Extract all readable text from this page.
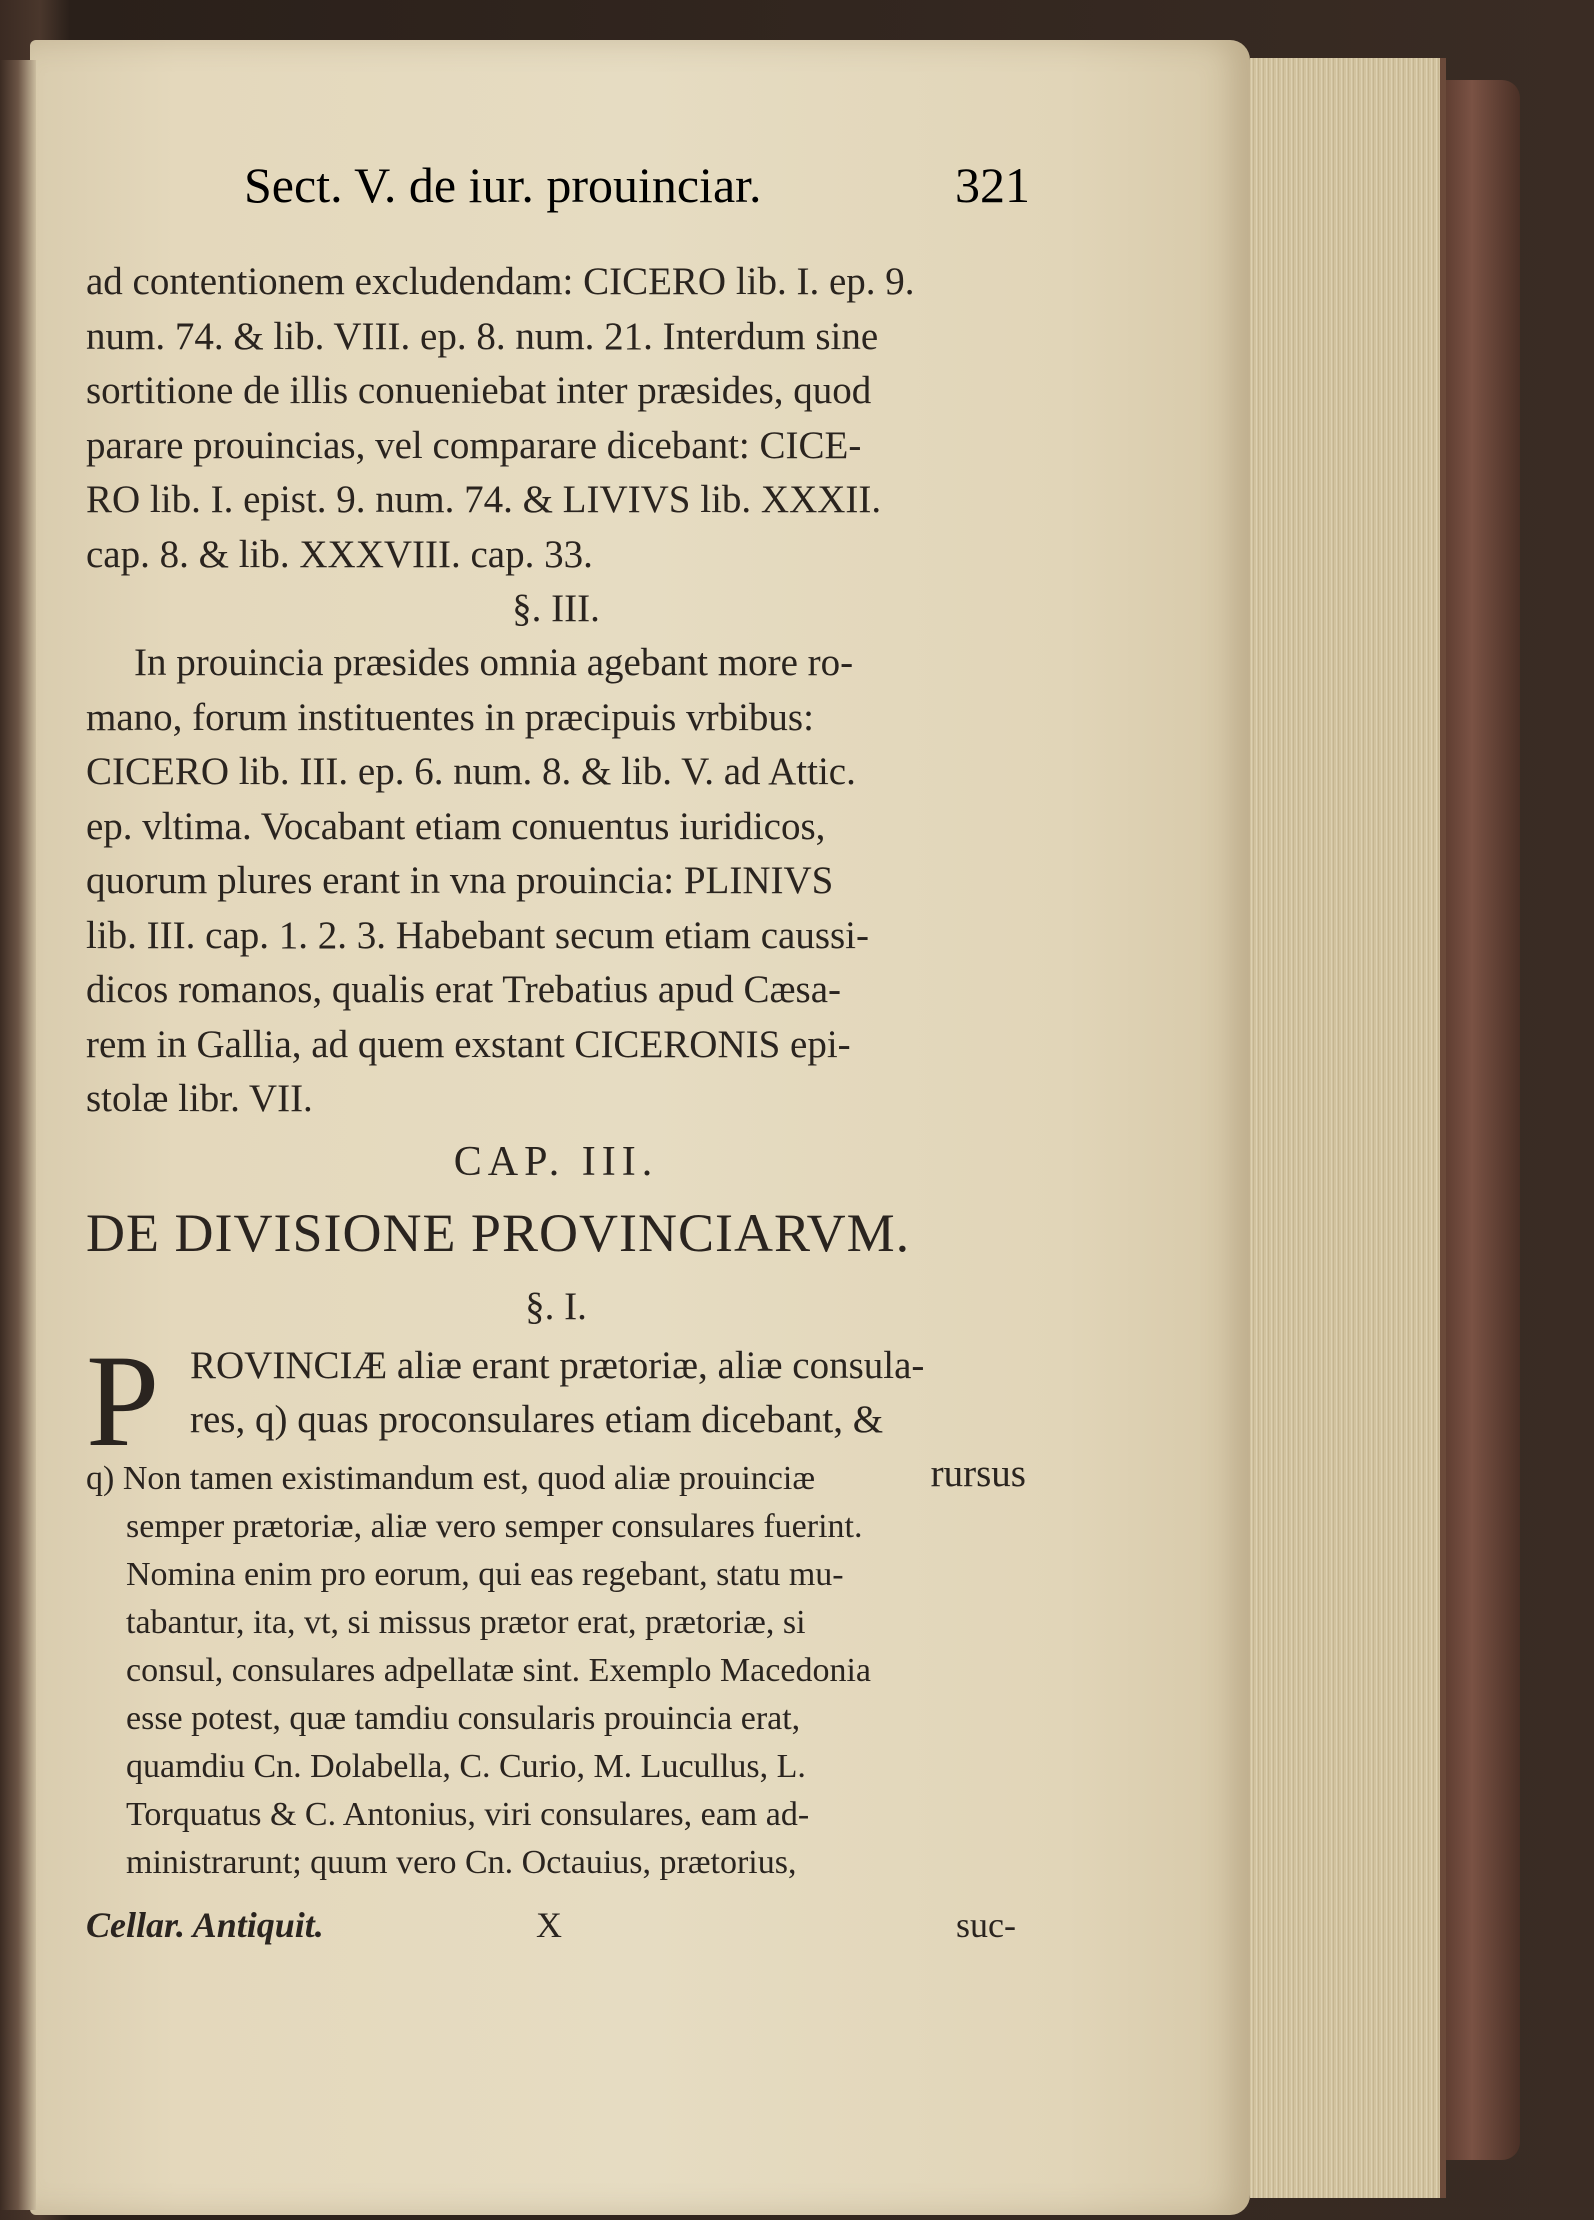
Sect. V. de iur. prouinciar.	321

ad contentionem excludendam: CICERO lib. I. ep. 9.

num. 74. & lib. VIII. ep. 8. num. 21. Interdum sine

sortitione de illis conueniebat inter præsides, quod

parare prouincias, vel comparare dicebant: CICE-

RO lib. I. epist. 9. num. 74. & LIVIVS lib. XXXII.

cap. 8. & lib. XXXVIII. cap. 33.

§. III.

In prouincia præsides omnia agebant more ro-

mano, forum instituentes in præcipuis vrbibus:

CICERO lib. III. ep. 6. num. 8. & lib. V. ad Attic.

ep. vltima. Vocabant etiam conuentus iuridicos,

quorum plures erant in vna prouincia: PLINIVS

lib. III. cap. 1. 2. 3. Habebant secum etiam caussi-

dicos romanos, qualis erat Trebatius apud Cæsa-

rem in Gallia, ad quem exstant CICERONIS epi-

stolæ libr. VII.

CAP. III.

DE DIVISIONE PROVINCIARVM.

§. I.

P ROVINCIÆ aliæ erant prætoriæ, aliæ consula-

res, q) quas proconsulares etiam dicebant, &

rursus

q) Non tamen existimandum est, quod aliæ prouinciæ

semper prætoriæ, aliæ vero semper consulares fuerint.

Nomina enim pro eorum, qui eas regebant, statu mu-

tabantur, ita, vt, si missus prætor erat, prætoriæ, si

consul, consulares adpellatæ sint. Exemplo Macedonia

esse potest, quæ tamdiu consularis prouincia erat,

quamdiu Cn. Dolabella, C. Curio, M. Lucullus, L.

Torquatus & C. Antonius, viri consulares, eam ad-

ministrarunt; quum vero Cn. Octauius, prætorius,

Cellar. Antiquit.	X	suc-
